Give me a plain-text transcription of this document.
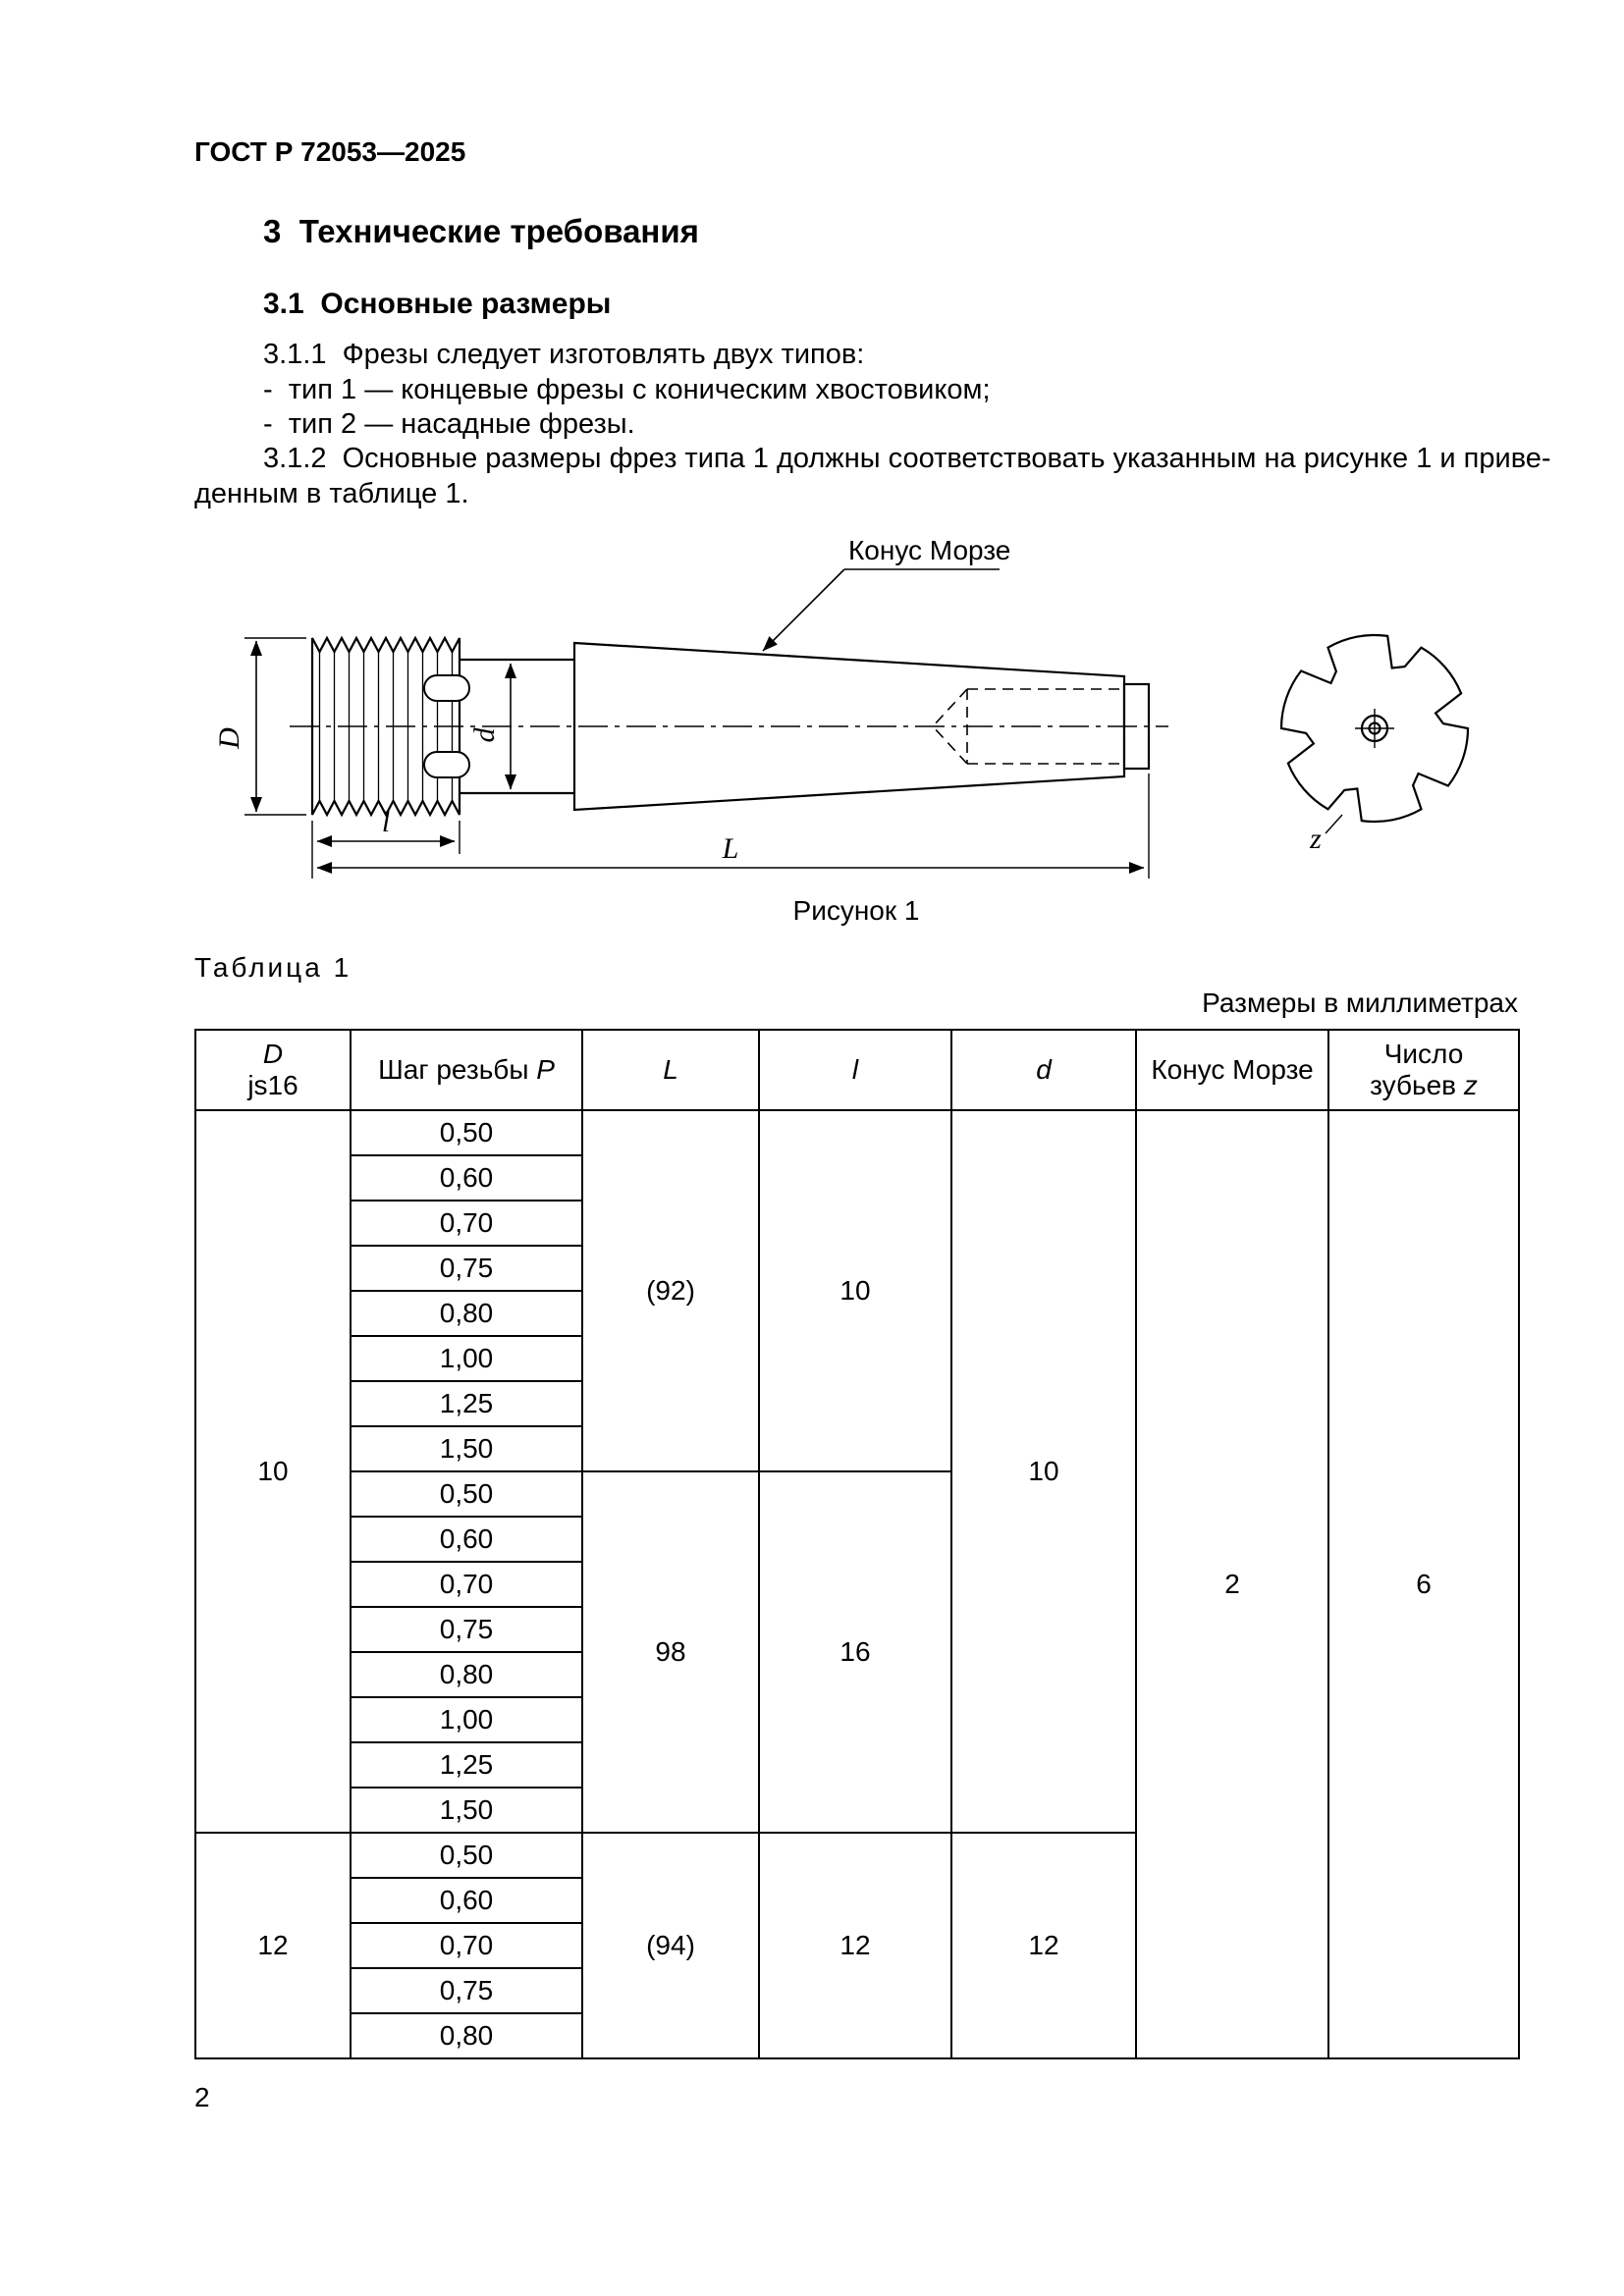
ГОСТ Р 72053—2025
3  Технические требования
3.1  Основные размеры
3.1.1  Фрезы следует изготовлять двух типов:
-  тип 1 — концевые фрезы с коническим хвостовиком;
-  тип 2 — насадные фрезы.
3.1.2  Основные размеры фрез типа 1 должны соответствовать указанным на рисунке 1 и приве-
денным в таблице 1.
D	d
l
L
Конус Морзе
z
Рисунок 1
Таблица 1
Размеры в миллиметрах
D
js16	Шаг резьбы Р	L	l	d	Конус Морзе	Число зубьев z
10	0,50	(92)	10	10	2	6
	0,60					
	0,70					
	0,75					
	0,80					
	1,00					
	1,25					
	1,50					
	0,50	98	16			
	0,60					
	0,70					
	0,75					
	0,80					
	1,00					
	1,25					
	1,50					
12	0,50	(94)	12	12		
	0,60					
	0,70					
	0,75					
	0,80					
2
